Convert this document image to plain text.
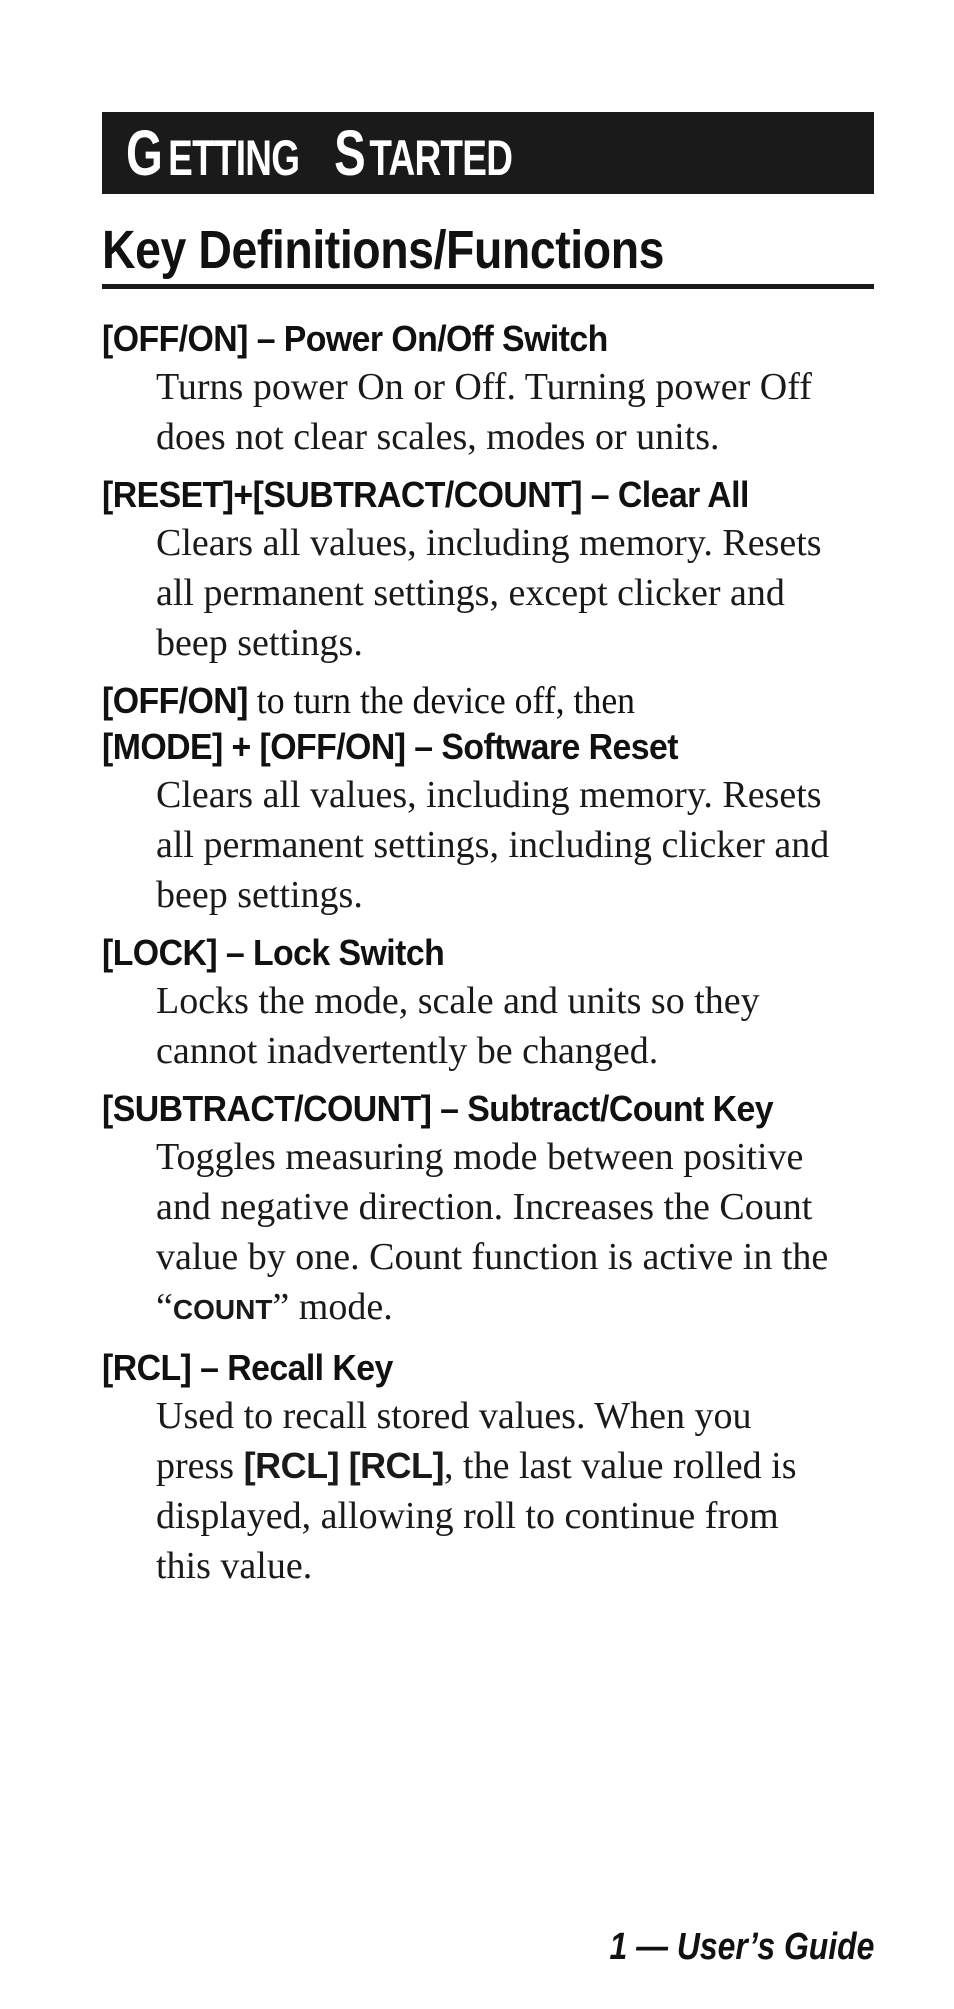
G ETTING S TARTED
Key Definitions/Functions
[OFF/ON] – Power On/Off Switch
Turns power On or Off. Turning power Off
does not clear scales, modes or units.
[RESET]+[SUBTRACT/COUNT] – Clear All
Clears all values, including memory. Resets
all permanent settings, except clicker and
beep settings.
[OFF/ON] to turn the device off, then
[MODE] + [OFF/ON] – Software Reset
Clears all values, including memory. Resets
all permanent settings, including clicker and
beep settings.
[LOCK] – Lock Switch
Locks the mode, scale and units so they
cannot inadvertently be changed.
[SUBTRACT/COUNT] – Subtract/Count Key
Toggles measuring mode between positive
and negative direction. Increases the Count
value by one. Count function is active in the
“COUNT” mode.
[RCL] – Recall Key
Used to recall stored values. When you
press [RCL] [RCL], the last value rolled is
displayed, allowing roll to continue from
this value.
1 — User’s Guide
